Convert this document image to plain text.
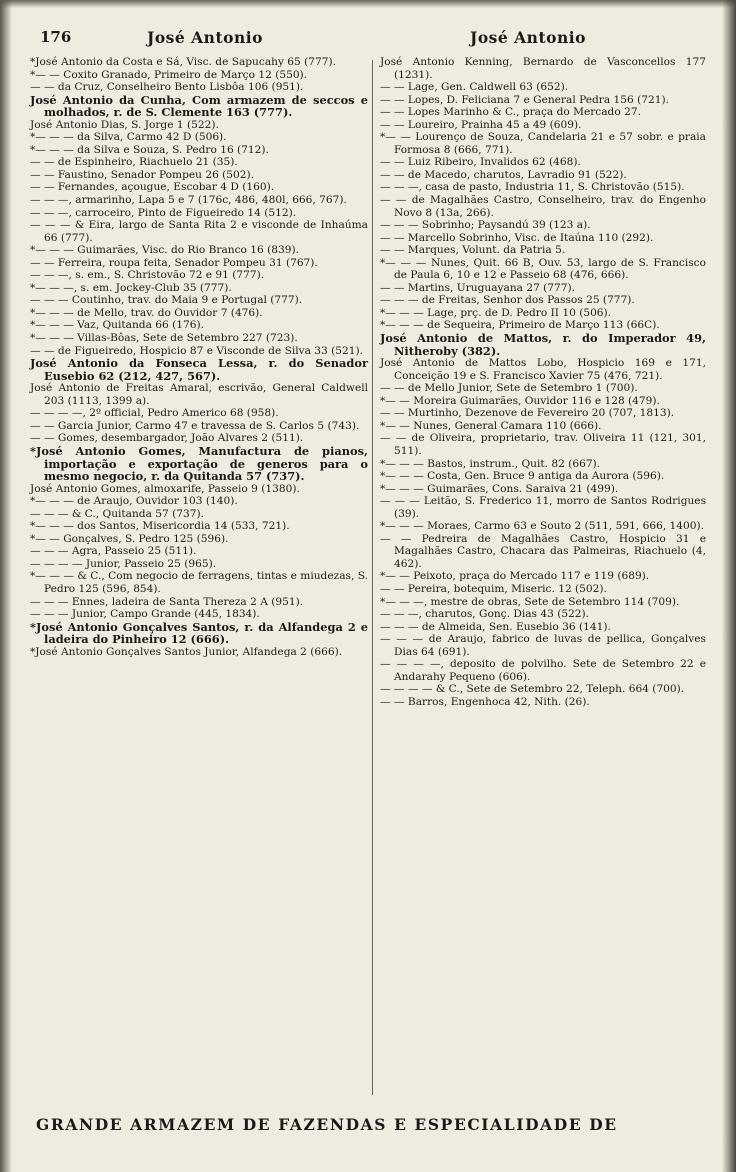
176	José Antonio	José Antonio

*José Antonio da Costa e Sá, Visc. de Sapucahy 65 (777).

*— — Coxito Granado, Primeiro de Março 12 (550).

— — da Cruz, Conselheiro Bento Lisbôa 106 (951).

José Antonio da Cunha, Com armazem de seccos e molhados, r. de S. Clemente 163 (777).

José Antonio Dias, S. Jorge 1 (522).

*— — — da Silva, Carmo 42 D (506).

*— — — da Silva e Souza, S. Pedro 16 (712).

— — de Espinheiro, Riachuelo 21 (35).

— — Faustino, Senador Pompeu 26 (502).

— — Fernandes, açougue, Escobar 4 D (160).

— — —, armarinho, Lapa 5 e 7 (176c, 486, 480l, 666, 767).

— — —, carroceiro, Pinto de Figueiredo 14 (512).

— — — & Eira, largo de Santa Rita 2 e visconde de Inhaúma 66 (777).

*— — — Guimarães, Visc. do Rio Branco 16 (839).

— — Ferreira, roupa feita, Senador Pompeu 31 (767).

— — —, s. em., S. Christovão 72 e 91 (777).

*— — —, s. em. Jockey-Club 35 (777).

— — — Coutinho, trav. do Maia 9 e Portugal (777).

*— — — de Mello, trav. do Ouvidor 7 (476).

*— — — Vaz, Quitanda 66 (176).

*— — — Villas-Bôas, Sete de Setembro 227 (723).

— — de Figueiredo, Hospicio 87 e Visconde de Silva 33 (521).

José Antonio da Fonseca Lessa, r. do Senador Eusebio 62 (212, 427, 567).

José Antonio de Freitas Amaral, escrivão, General Caldwell 203 (1113, 1399 a).

— — — —, 2º official, Pedro Americo 68 (958).

— — Garcia Junior, Carmo 47 e travessa de S. Carlos 5 (743).

— — Gomes, desembargador, João Alvares 2 (511).

*José Antonio Gomes, Manufactura de pianos, importação e exportação de generos para o mesmo negocio, r. da Quitanda 57 (737).

José Antonio Gomes, almoxarife, Passeio 9 (1380).

*— — — de Araujo, Ouvidor 103 (140).

— — — & C., Quitanda 57 (737).

*— — — dos Santos, Misericordia 14 (533, 721).

*— — Gonçalves, S. Pedro 125 (596).

— — — Agra, Passeio 25 (511).

— — — — Junior, Passeio 25 (965).

*— — — & C., Com negocio de ferragens, tintas e miudezas, S. Pedro 125 (596, 854).

— — — Ennes, ladeira de Santa Thereza 2 A (951).

— — — Junior, Campo Grande (445, 1834).

*José Antonio Gonçalves Santos, r. da Alfandega 2 e ladeira do Pinheiro 12 (666).

*José Antonio Gonçalves Santos Junior, Alfandega 2 (666).

José Antonio Kenning, Bernardo de Vasconcellos 177 (1231).

— — Lage, Gen. Caldwell 63 (652).

— — Lopes, D. Feliciana 7 e General Pedra 156 (721).

— — Lopes Marinho & C., praça do Mercado 27.

— — Loureiro, Prainha 45 a 49 (609).

*— — Lourenço de Souza, Candelaria 21 e 57 sobr. e praia Formosa 8 (666, 771).

— — Luiz Ribeiro, Invalidos 62 (468).

— — de Macedo, charutos, Lavradio 91 (522).

— — —, casa de pasto, Industria 11, S. Christovão (515).

— — de Magalhães Castro, Conselheiro, trav. do Engenho Novo 8 (13a, 266).

— — — Sobrinho; Paysandú 39 (123 a).

— — Marcello Sobrinho, Visc. de Itaúna 110 (292).

— — Marques, Volunt. da Patria 5.

*— — — Nunes, Quit. 66 B, Ouv. 53, largo de S. Francisco de Paula 6, 10 e 12 e Passeio 68 (476, 666).

— — Martins, Uruguayana 27 (777).

— — — de Freitas, Senhor dos Passos 25 (777).

*— — — Lage, prç. de D. Pedro II 10 (506).

*— — — de Sequeira, Primeiro de Março 113 (66C).

José Antonio de Mattos, r. do Imperador 49, Nitheroby (382).

José Antonio de Mattos Lobo, Hospicio 169 e 171, Conceição 19 e S. Francisco Xavier 75 (476, 721).

— — de Mello Junior, Sete de Setembro 1 (700).

*— — Moreira Guimarães, Ouvidor 116 e 128 (479).

— — Murtinho, Dezenove de Fevereiro 20 (707, 1813).

*— — Nunes, General Camara 110 (666).

— — de Oliveira, proprietario, trav. Oliveira 11 (121, 301, 511).

*— — — Bastos, instrum., Quit. 82 (667).

*— — — Costa, Gen. Bruce 9 antiga da Aurora (596).

*— — — Guimarães, Cons. Saraiva 21 (499).

— — — Leitão, S. Frederico 11, morro de Santos Rodrigues (39).

*— — — Moraes, Carmo 63 e Souto 2 (511, 591, 666, 1400).

— — Pedreira de Magalhães Castro, Hospicio 31 e Magalhães Castro, Chacara das Palmeiras, Riachuelo (4, 462).

*— — Peixoto, praça do Mercado 117 e 119 (689).

— — Pereira, botequim, Miseric. 12 (502).

*— — —, mestre de obras, Sete de Setembro 114 (709).

— — —, charutos, Gonç. Dias 43 (522).

— — — de Almeida, Sen. Eusebio 36 (141).

— — — de Araujo, fabrico de luvas de pellica, Gonçalves Dias 64 (691).

— — — —, deposito de polvilho. Sete de Setembro 22 e Andarahy Pequeno (606).

— — — — & C., Sete de Setembro 22, Teleph. 664 (700).

— — Barros, Engenhoca 42, Nith. (26).

GRANDE ARMAZEM DE FAZENDAS E ESPECIALIDADE DE
